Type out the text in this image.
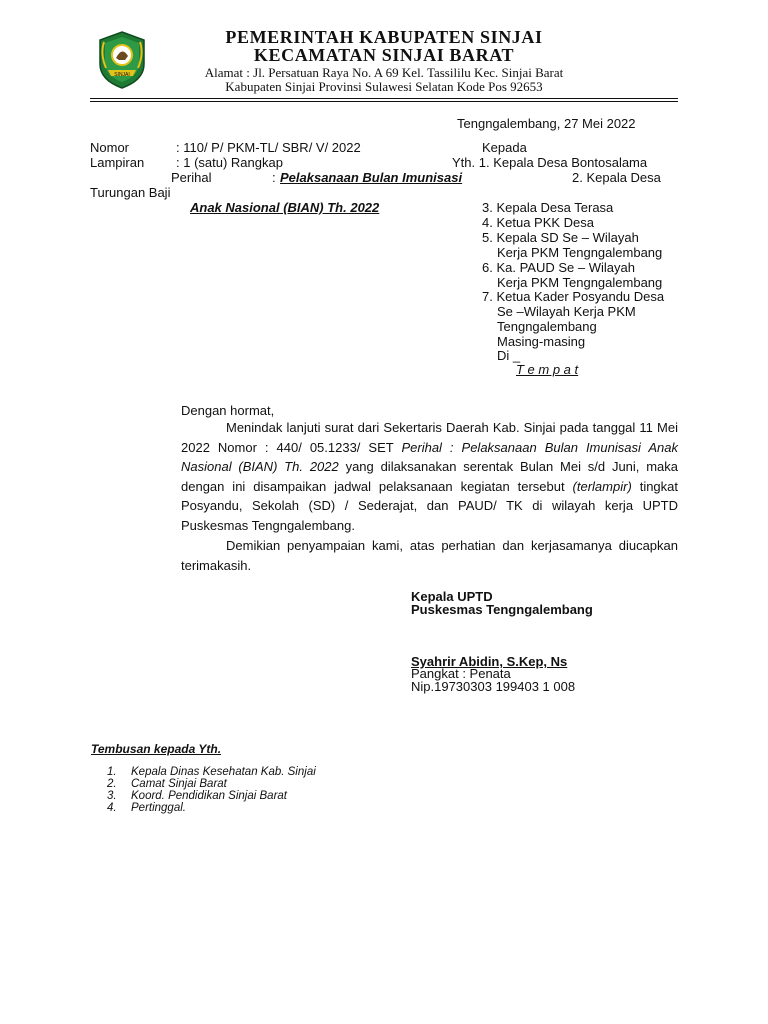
SINJAI
PEMERINTAH KABUPATEN SINJAI
KECAMATAN SINJAI BARAT
Alamat : Jl. Persatuan Raya No. A 69 Kel. Tassililu Kec. Sinjai Barat
Kabupaten Sinjai Provinsi Sulawesi Selatan Kode Pos 92653
Tengngalembang, 27 Mei 2022
Nomor	: 110/ P/ PKM-TL/ SBR/ V/ 2022
Lampiran : 1 (satu) Rangkap
Perihal	: Pelaksanaan Bulan Imunisasi
Anak Nasional (BIAN) Th. 2022
Kepada
Yth. 1. Kepala Desa Bontosalama
2. Kepala Desa
Turungan Baji
3. Kepala Desa Terasa
4. Ketua PKK Desa
5. Kepala SD Se – Wilayah
Kerja PKM Tengngalembang
6. Ka. PAUD Se – Wilayah
Kerja PKM Tengngalembang
7. Ketua Kader Posyandu Desa
Se –Wilayah Kerja PKM
Tengngalembang
Masing-masing
Di _
T e m p a t
Dengan hormat,
Menindak lanjuti surat dari Sekertaris Daerah Kab. Sinjai pada tanggal 11 Mei 2022 Nomor : 440/ 05.1233/ SET Perihal : Pelaksanaan Bulan Imunisasi Anak Nasional (BIAN) Th. 2022 yang dilaksanakan serentak Bulan Mei s/d Juni, maka dengan ini disampaikan jadwal pelaksanaan kegiatan tersebut (terlampir) tingkat Posyandu, Sekolah (SD) / Sederajat, dan PAUD/ TK di wilayah kerja UPTD Puskesmas Tengngalembang.
Demikian penyampaian kami, atas perhatian dan kerjasamanya diucapkan terimakasih.
Kepala UPTD
Puskesmas Tengngalembang
Syahrir Abidin, S.Kep, Ns
Pangkat : Penata
Nip.19730303 199403 1 008
Tembusan kepada Yth.
1. Kepala Dinas Kesehatan Kab. Sinjai
2. Camat Sinjai Barat
3. Koord. Pendidikan Sinjai Barat
4. Pertinggal.
